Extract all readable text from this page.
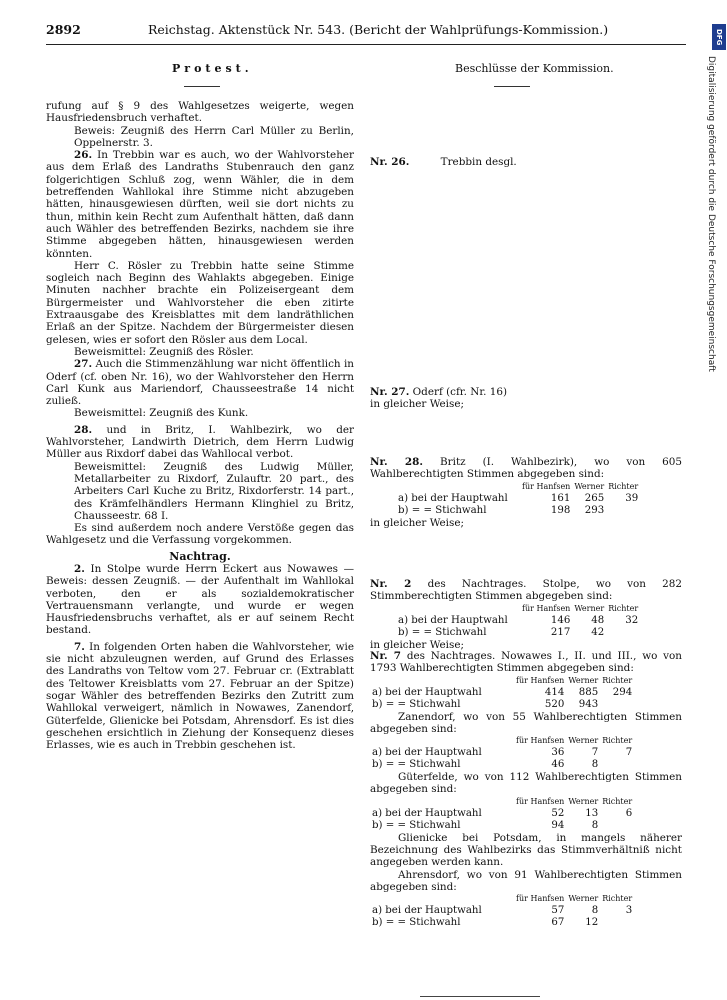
2892	Reichstag. Aktenstück Nr. 543. (Bericht der Wahlprüfungs-Kommission.)	DFG
Digitalisierung gefördert durch die Deutsche Forschungsgemeinschaft
Protest.	Beschlüsse der Kommission.
rufung auf § 9 des Wahlgesetzes weigerte, wegen Hausfriedensbruch verhaftet.
Beweis: Zeugniß des Herrn Carl Müller zu Berlin, Oppelnerstr. 3.
26. In Trebbin war es auch, wo der Wahlvorsteher aus dem Erlaß des Landraths Stubenrauch den ganz folgerichtigen Schluß zog, wenn Wähler, die in dem betreffenden Wahllokal ihre Stimme nicht abzugeben hätten, hinausgewiesen dürften, weil sie dort nichts zu thun, mithin kein Recht zum Aufenthalt hätten, daß dann auch Wähler des betreffenden Bezirks, nachdem sie ihre Stimme abgegeben hätten, hinausgewiesen werden könnten.
Herr C. Rösler zu Trebbin hatte seine Stimme sogleich nach Beginn des Wahlakts abgegeben. Einige Minuten nachher brachte ein Polizeisergeant dem Bürgermeister und Wahlvorsteher die eben zitirte Extraausgabe des Kreisblattes mit dem landräthlichen Erlaß an der Spitze. Nachdem der Bürgermeister diesen gelesen, wies er sofort den Rösler aus dem Local.
Beweismittel: Zeugniß des Rösler.
27. Auch die Stimmenzählung war nicht öffentlich in Oderf (cf. oben Nr. 16), wo der Wahlvorsteher den Herrn Carl Kunk aus Mariendorf, Chausseestraße 14 nicht zuließ.
Beweismittel: Zeugniß des Kunk.
28. und in Britz, I. Wahlbezirk, wo der Wahlvorsteher, Landwirth Dietrich, dem Herrn Ludwig Müller aus Rixdorf dabei das Wahllocal verbot.
Beweismittel: Zeugniß des Ludwig Müller, Metallarbeiter zu Rixdorf, Zulauftr. 20 part., des Arbeiters Carl Kuche zu Britz, Rixdorferstr. 14 part., des Krämfelhändlers Hermann Klinghiel zu Britz, Chausseestr. 68 I.
Es sind außerdem noch andere Verstöße gegen das Wahlgesetz und die Verfassung vorgekommen.
Nachtrag.
2. In Stolpe wurde Herrn Eckert aus Nowawes — Beweis: dessen Zeugniß. — der Aufenthalt im Wahllokal verboten, den er als sozialdemokratischer Vertrauensmann verlangte, und wurde er wegen Hausfriedensbruchs verhaftet, als er auf seinem Recht bestand.
7. In folgenden Orten haben die Wahlvorsteher, wie sie nicht abzuleugnen werden, auf Grund des Erlasses des Landraths von Teltow vom 27. Februar cr. (Extrablatt des Teltower Kreisblatts vom 27. Februar an der Spitze) sogar Wähler des betreffenden Bezirks den Zutritt zum Wahllokal verweigert, nämlich in Nowawes, Zanendorf, Güterfelde, Glienicke bei Potsdam, Ahrensdorf. Es ist dies geschehen ersichtlich in Ziehung der Konsequenz dieses Erlasses, wie es auch in Trebbin geschehen ist.
Nr. 26.	Trebbin desgl.
Nr. 27. Oderf (cfr. Nr. 16)
in gleicher Weise;
Nr. 28. Britz (I. Wahlbezirk), wo von 605 Wahlberechtigten Stimmen abgegeben sind:
	für Hanfsen	Werner	Richter
a) bei der Hauptwahl	161	265	39
b) = = Stichwahl	198	293	
in gleicher Weise;
Nr. 2 des Nachtrages. Stolpe, wo von 282 Stimmberechtigten Stimmen abgegeben sind:
	für Hanfsen	Werner	Richter
a) bei der Hauptwahl	146	48	32
b) = = Stichwahl	217	42	
in gleicher Weise;
Nr. 7 des Nachtrages. Nowawes I., II. und III., wo von 1793 Wahlberechtigten Stimmen abgegeben sind:
	für Hanfsen	Werner	Richter
a) bei der Hauptwahl	414	885	294
b) = = Stichwahl	520	943	
Zanendorf, wo von 55 Wahlberechtigten Stimmen abgegeben sind:
	für Hanfsen	Werner	Richter
a) bei der Hauptwahl	36	7	7
b) = = Stichwahl	46	8	
Güterfelde, wo von 112 Wahlberechtigten Stimmen abgegeben sind:
	für Hanfsen	Werner	Richter
a) bei der Hauptwahl	52	13	6
b) = = Stichwahl	94	8	
Glienicke bei Potsdam, in mangels näherer Bezeichnung des Wahlbezirks das Stimmverhältniß nicht angegeben werden kann.
Ahrensdorf, wo von 91 Wahlberechtigten Stimmen abgegeben sind:
	für Hanfsen	Werner	Richter
a) bei der Hauptwahl	57	8	3
b) = = Stichwahl	67	12	
